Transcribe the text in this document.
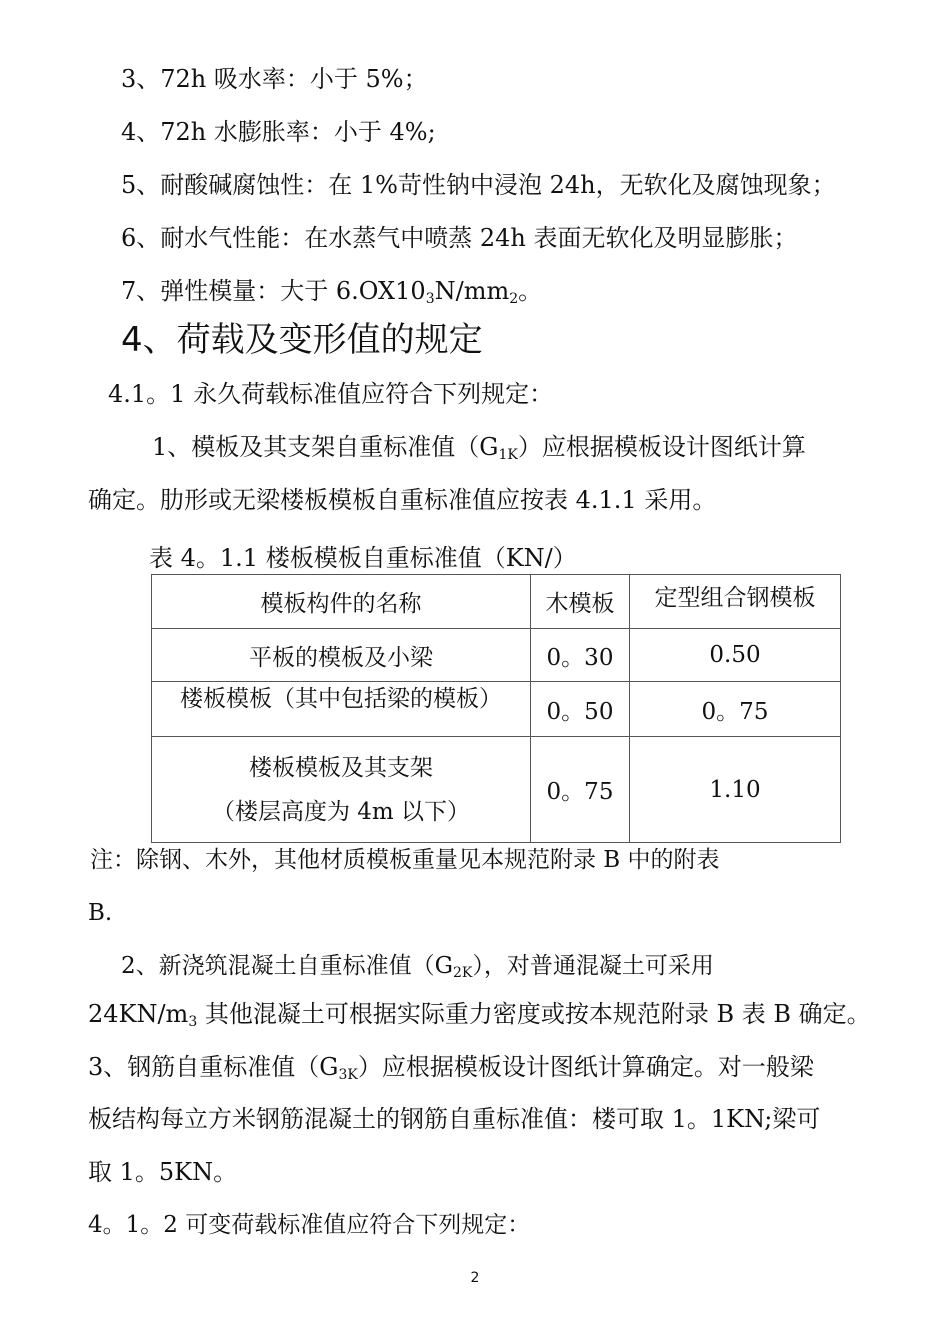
3、72h 吸水率：小于 5%；
4、72h 水膨胀率：小于 4%;
5、耐酸碱腐蚀性：在 1%苛性钠中浸泡 24h，无软化及腐蚀现象；
6、耐水气性能：在水蒸气中喷蒸 24h 表面无软化及明显膨胀；
7、弹性模量：大于 $6.OX10_3N/mm_2$。
4、荷载及变形值的规定
4.1。1 永久荷载标准值应符合下列规定：
1、模板及其支架自重标准值$(G_{1K})$应根据模板设计图纸计算
确定。肋形或无梁楼板模板自重标准值应按表 4.1.1 采用。
表 4。1.1 楼板模板自重标准值（KN/）
模板构件的名称	木模板	定型组合钢模板
平板的模板及小梁	0。30	0.50

楼板模板（其中包括梁的模板）	0。50	0。75

楼板模板及其支架
（楼层高度为 4m 以下）	0。75	1.10
注：除钢、木外，其他材质模板重量见本规范附录 B 中的附表
B.
2、新浇筑混凝土自重标准值$(G_{2K})$，对普通混凝土可采用
$24KN/m_3$ 其他混凝土可根据实际重力密度或按本规范附录 B 表 B 确定。
3、钢筋自重标准值$(G_{3K})$应根据模板设计图纸计算确定。对一般梁
板结构每立方米钢筋混凝土的钢筋自重标准值：楼可取 1。1KN;梁可
取 1。5KN。
4。1。2 可变荷载标准值应符合下列规定：
2
